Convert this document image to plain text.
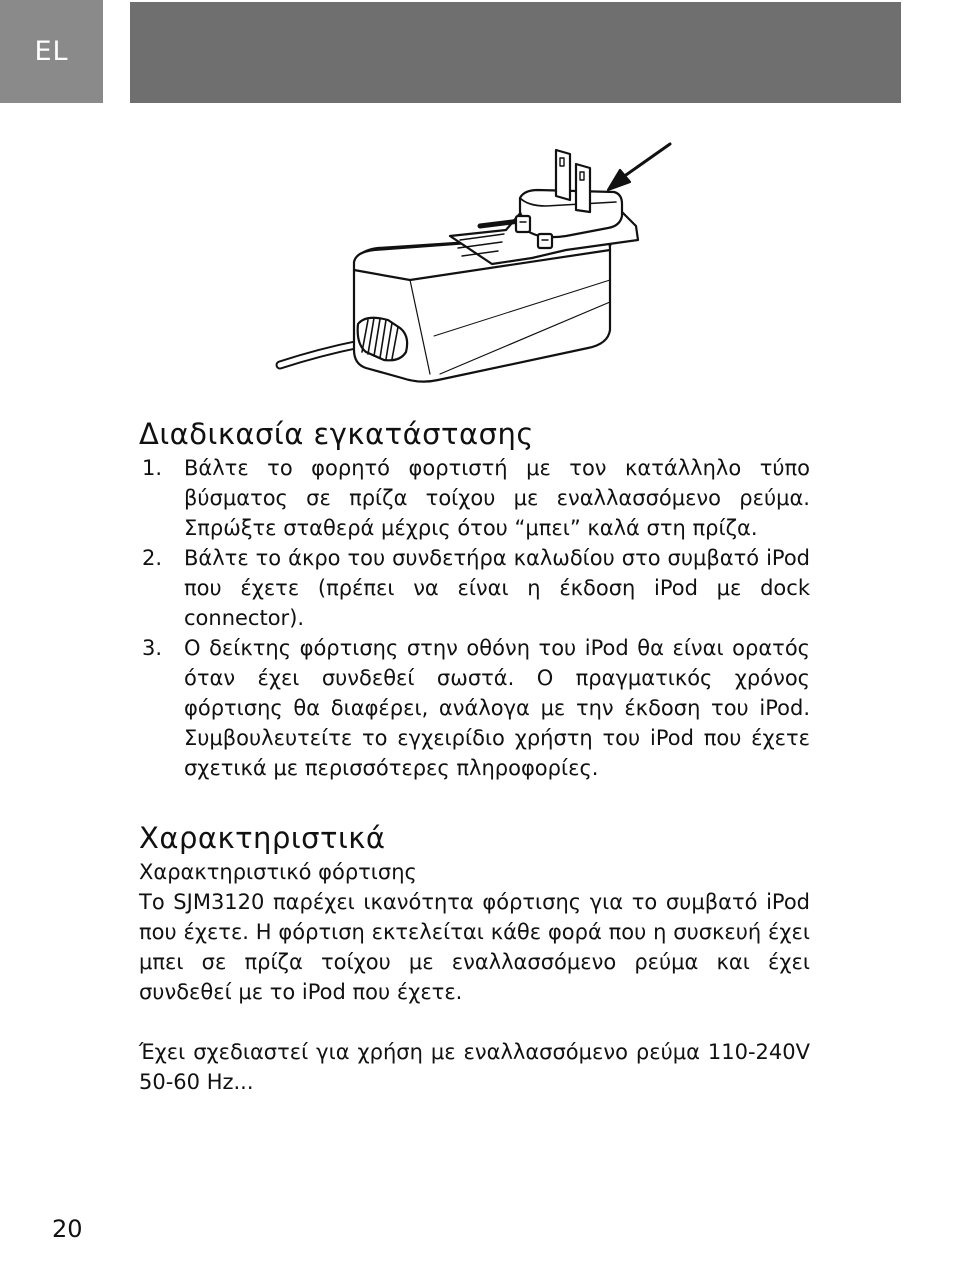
EL
Διαδικασία εγκατάστασης
1. Βάλτε το φορητό φορτιστή με τον κατάλληλο τύπο βύσματος σε πρίζα τοίχου με εναλλασσόμενο ρεύμα. Σπρώξτε σταθερά μέχρις ότου “μπει” καλά στη πρίζα.
2. Βάλτε το άκρο του συνδετήρα καλωδίου στο συμβατό iPod που έχετε (πρέπει να είναι η έκδοση iPod με dock connector).
3. Ο δείκτης φόρτισης στην οθόνη του iPod θα είναι ορατός όταν έχει συνδεθεί σωστά. Ο πραγματικός χρόνος φόρτισης θα διαφέρει, ανάλογα με την έκδοση του iPod. Συμβουλευτείτε το εγχειρίδιο χρήστη του iPod που έχετε σχετικά με περισσότερες πληροφορίες.
Χαρακτηριστικά

Χαρακτηριστικό φόρτισης

Το SJM3120 παρέχει ικανότητα φόρτισης για το συμβατό iPod που έχετε. Η φόρτιση εκτελείται κάθε φορά που η συσκευή έχει μπει σε πρίζα τοίχου με εναλλασσόμενο ρεύμα και έχει συνδεθεί με το iPod που έχετε.

Έχει σχεδιαστεί για χρήση με εναλλασσόμενο ρεύμα 110-240V 50-60 Hz...

20
